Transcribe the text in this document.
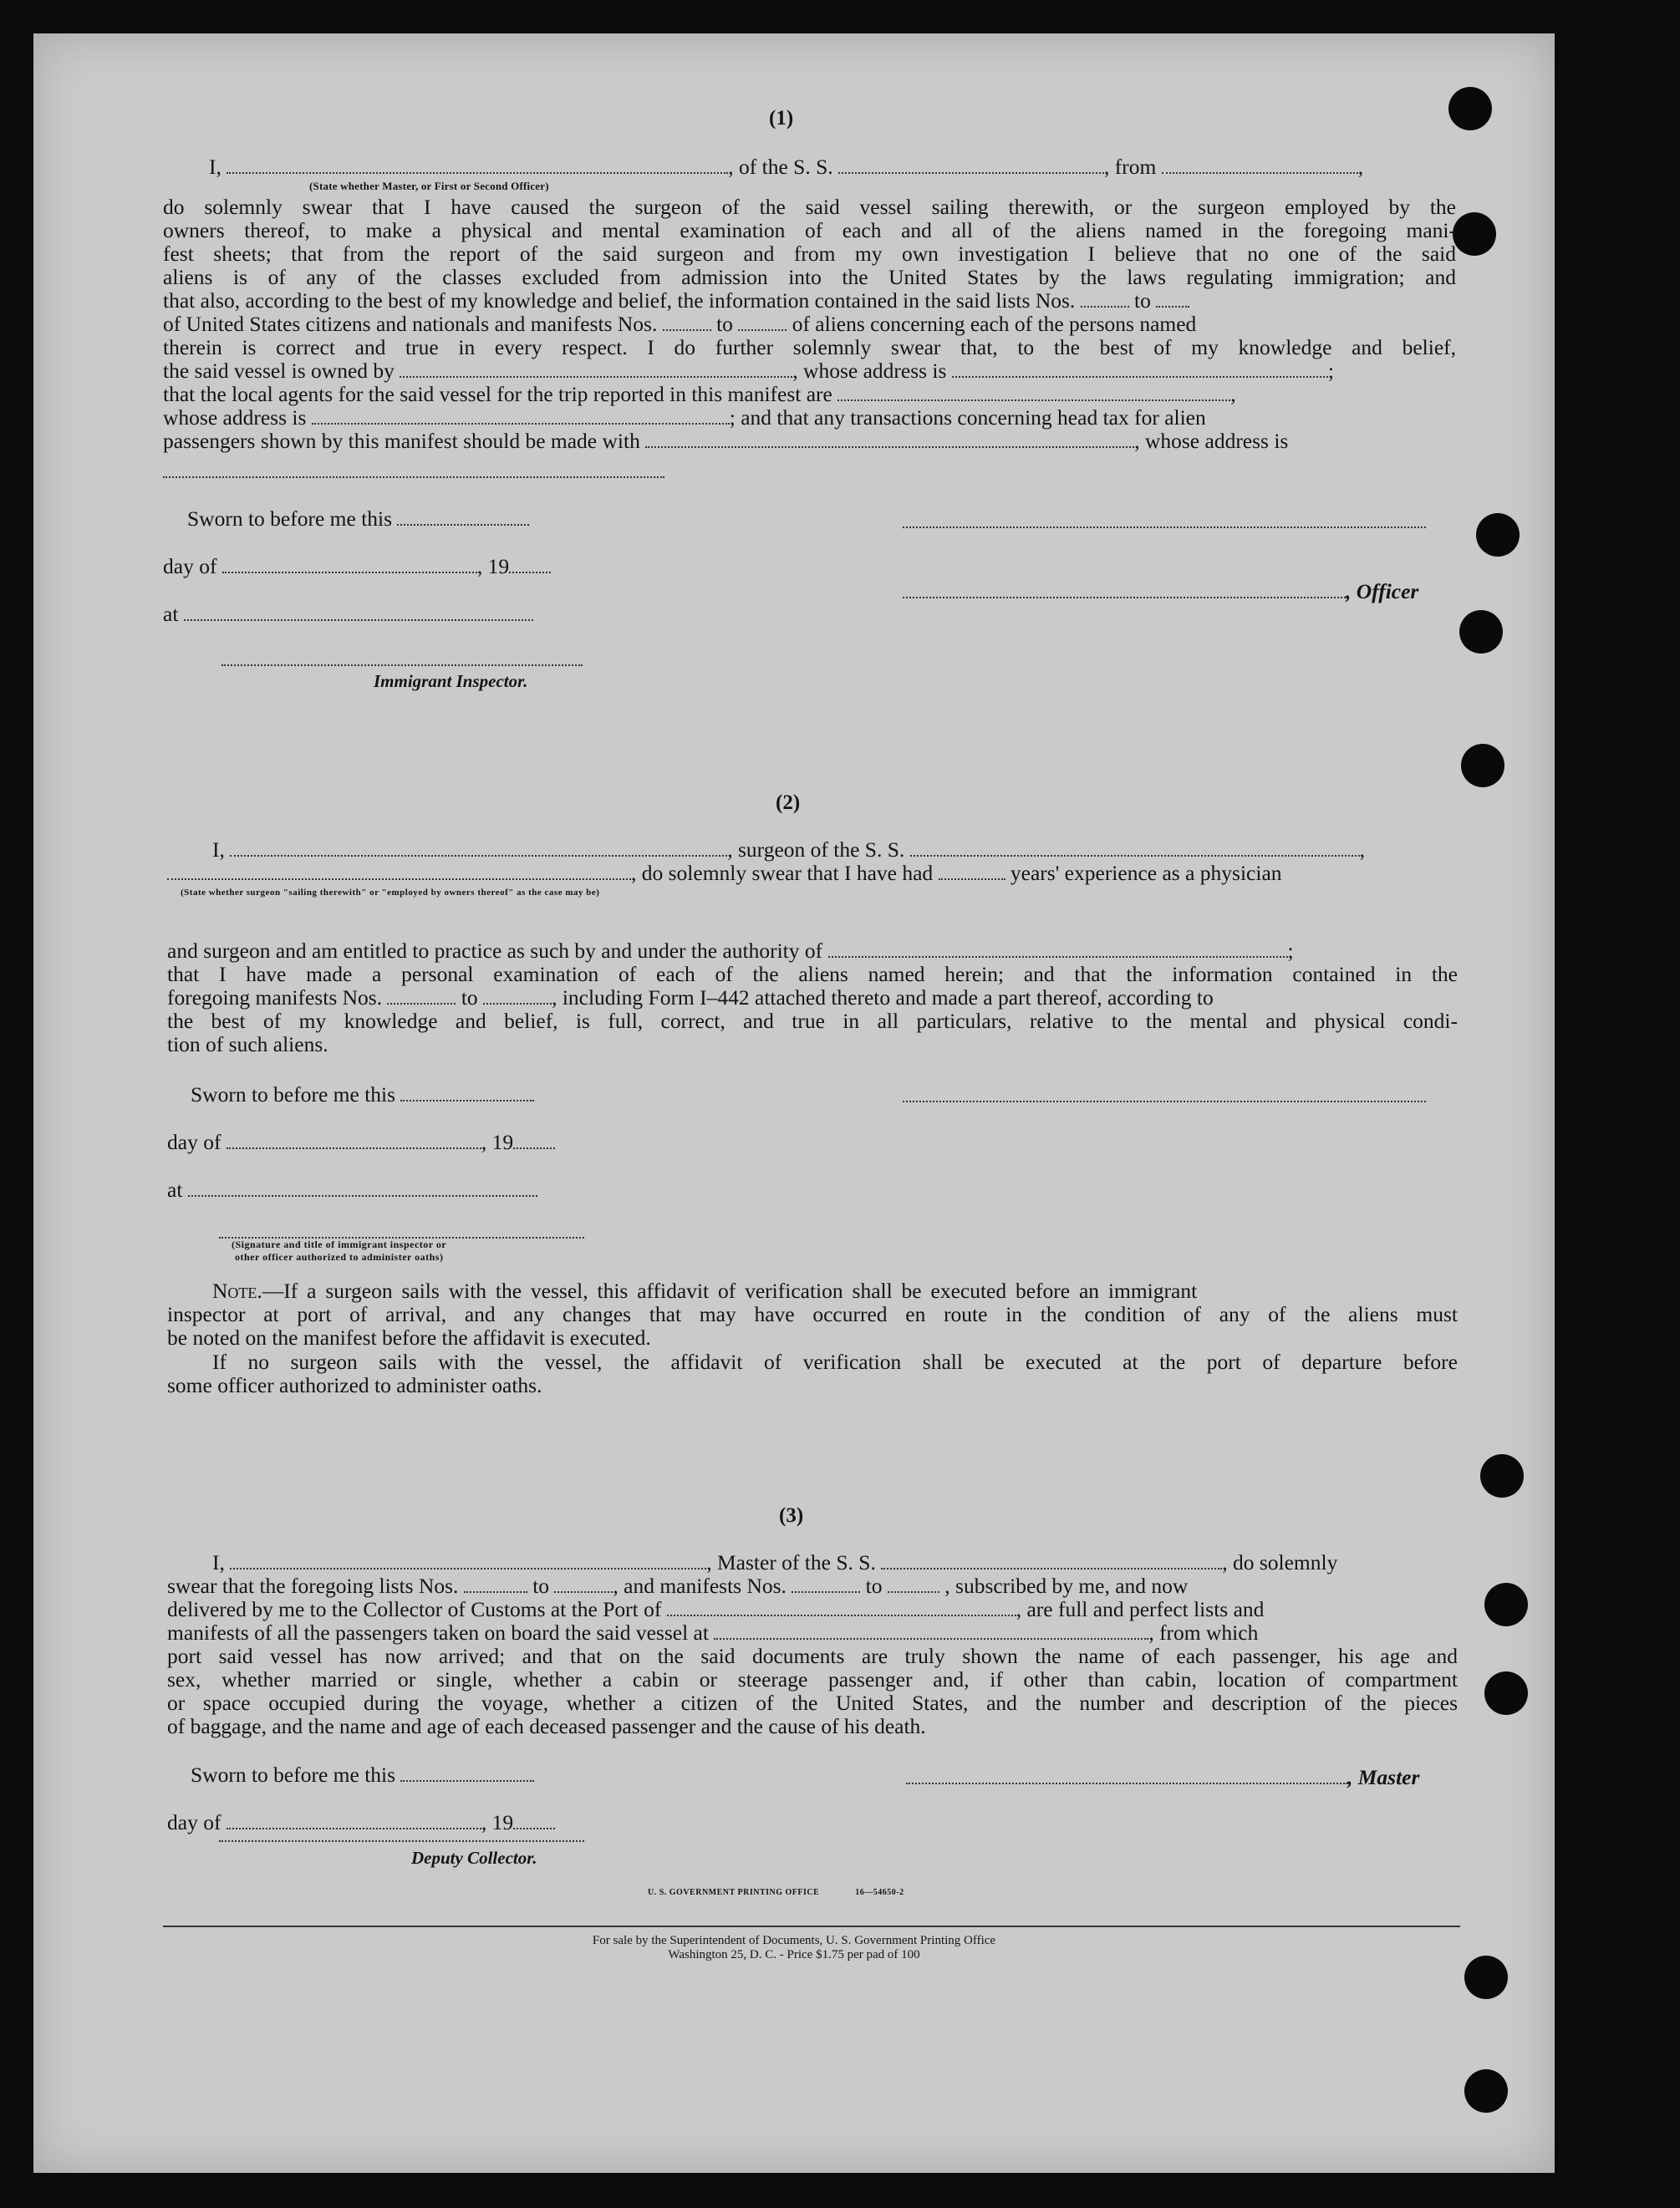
(1)
I,	, of the S. S.	, from	,
(State whether Master, or First or Second Officer)
do solemnly swear that I have caused the surgeon of the said vessel sailing therewith, or the surgeon employed by the
owners thereof, to make a physical and mental examination of each and all of the aliens named in the foregoing mani-
fest sheets; that from the report of the said surgeon and from my own investigation I believe that no one of the said
aliens is of any of the classes excluded from admission into the United States by the laws regulating immigration; and
that also, according to the best of my knowledge and belief, the information contained in the said lists Nos.	to
of United States citizens and nationals and manifests Nos.	to	of aliens concerning each of the persons named
therein is correct and true in every respect. I do further solemnly swear that, to the best of my knowledge and belief,
the said vessel is owned by	, whose address is	;
that the local agents for the said vessel for the trip reported in this manifest are	,
whose address is	; and that any transactions concerning head tax for alien
passengers shown by this manifest should be made with	, whose address is
Sworn to before me this
day of	, 19
, Officer
at
Immigrant Inspector.
(2)
I,	, surgeon of the S. S.	,
, do solemnly swear that I have had	years' experience as a physician
(State whether surgeon "sailing therewith" or "employed by owners thereof" as the case may be)
and surgeon and am entitled to practice as such by and under the authority of	;
that I have made a personal examination of each of the aliens named herein; and that the information contained in the
foregoing manifests Nos.	to	, including Form I–442 attached thereto and made a part thereof, according to
the best of my knowledge and belief, is full, correct, and true in all particulars, relative to the mental and physical condi-
tion of such aliens.
Sworn to before me this
day of	, 19
at
(Signature and title of immigrant inspector or
other officer authorized to administer oaths)
Note.—If a surgeon sails with the vessel, this affidavit of verification shall be executed before an immigrant
inspector at port of arrival, and any changes that may have occurred en route in the condition of any of the aliens must
be noted on the manifest before the affidavit is executed.
If no surgeon sails with the vessel, the affidavit of verification shall be executed at the port of departure before
some officer authorized to administer oaths.
(3)
I,	, Master of the S. S.	, do solemnly
swear that the foregoing lists Nos.	to	, and manifests Nos.	to	, subscribed by me, and now
delivered by me to the Collector of Customs at the Port of	, are full and perfect lists and
manifests of all the passengers taken on board the said vessel at	, from which
port said vessel has now arrived; and that on the said documents are truly shown the name of each passenger, his age and
sex, whether married or single, whether a cabin or steerage passenger and, if other than cabin, location of compartment
or space occupied during the voyage, whether a citizen of the United States, and the number and description of the pieces
of baggage, and the name and age of each deceased passenger and the cause of his death.
Sworn to before me this	, Master
day of	, 19
Deputy Collector.
U. S. GOVERNMENT PRINTING OFFICE	16—54650-2
For sale by the Superintendent of Documents, U. S. Government Printing Office
Washington 25, D. C. - Price $1.75 per pad of 100
